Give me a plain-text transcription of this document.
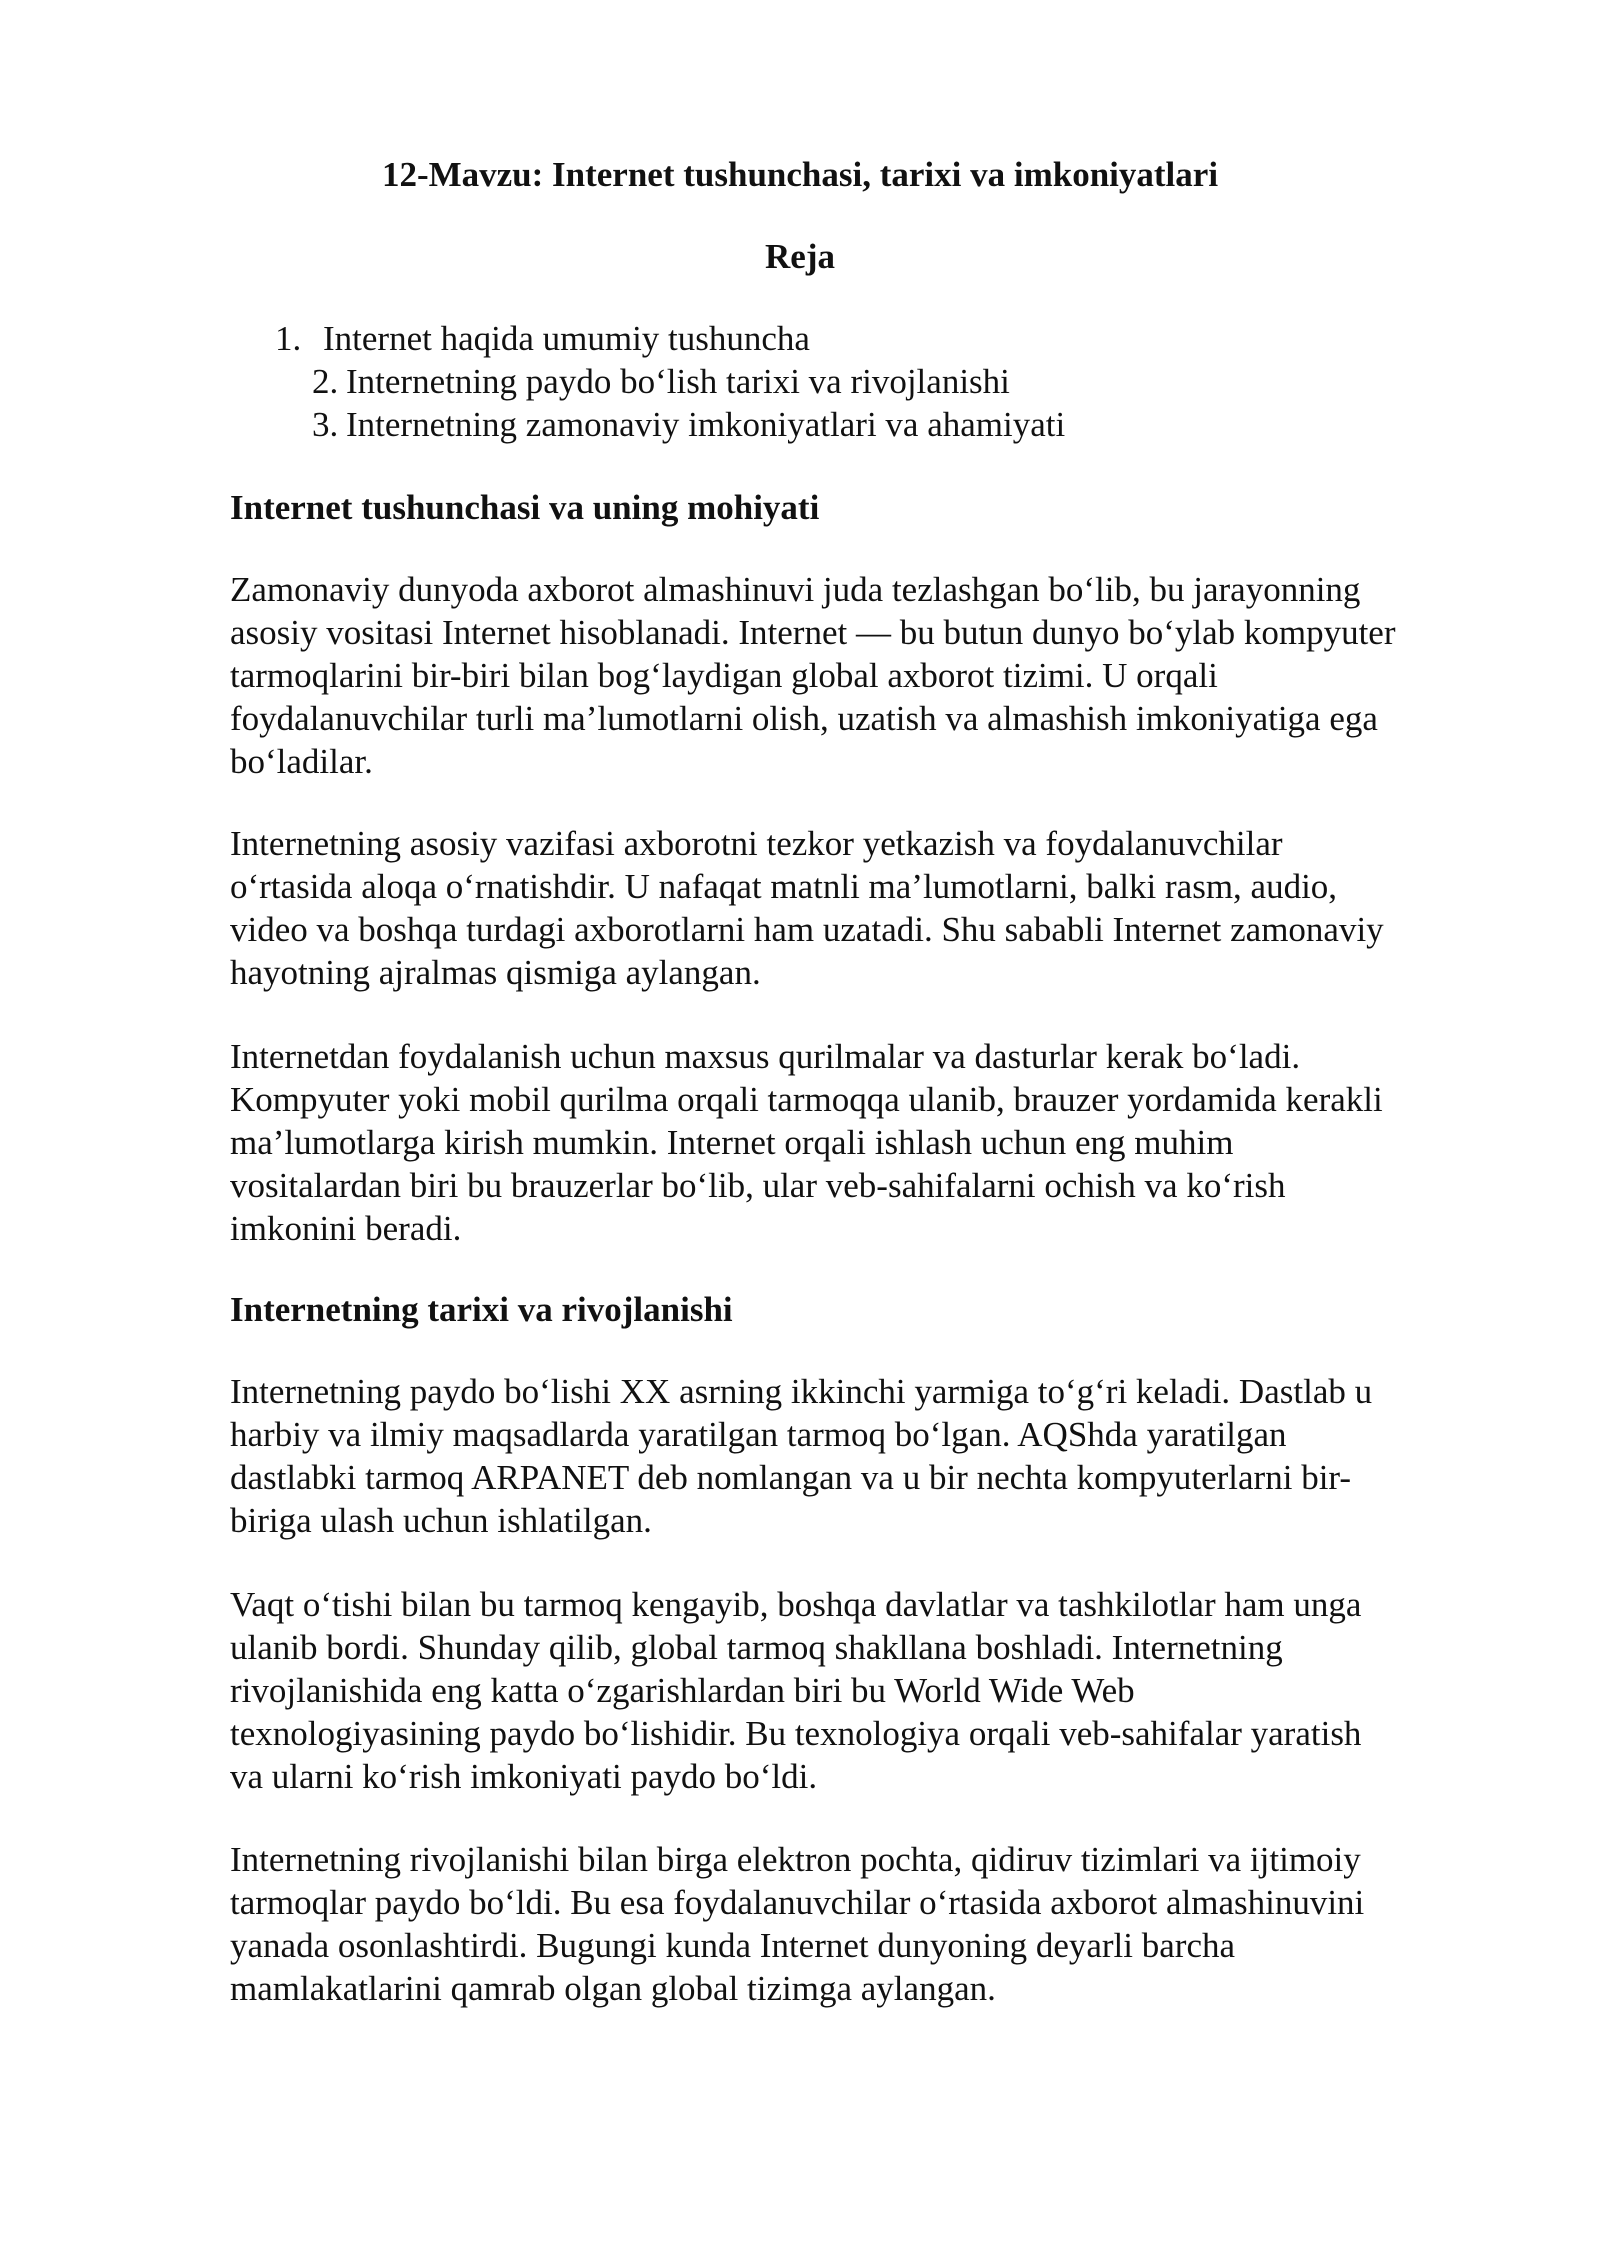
12-Mavzu: Internet tushunchasi, tarixi va imkoniyatlari
Reja
1. Internet haqida umumiy tushuncha
2. Internetning paydo bo‘lish tarixi va rivojlanishi
3. Internetning zamonaviy imkoniyatlari va ahamiyati
Internet tushunchasi va uning mohiyati

Zamonaviy dunyoda axborot almashinuvi juda tezlashgan bo‘lib, bu jarayonning

asosiy vositasi Internet hisoblanadi. Internet — bu butun dunyo bo‘ylab kompyuter

tarmoqlarini bir-biri bilan bog‘laydigan global axborot tizimi. U orqali

foydalanuvchilar turli ma’lumotlarni olish, uzatish va almashish imkoniyatiga ega

bo‘ladilar.

Internetning asosiy vazifasi axborotni tezkor yetkazish va foydalanuvchilar

o‘rtasida aloqa o‘rnatishdir. U nafaqat matnli ma’lumotlarni, balki rasm, audio,

video va boshqa turdagi axborotlarni ham uzatadi. Shu sababli Internet zamonaviy

hayotning ajralmas qismiga aylangan.

Internetdan foydalanish uchun maxsus qurilmalar va dasturlar kerak bo‘ladi.

Kompyuter yoki mobil qurilma orqali tarmoqqa ulanib, brauzer yordamida kerakli

ma’lumotlarga kirish mumkin. Internet orqali ishlash uchun eng muhim

vositalardan biri bu brauzerlar bo‘lib, ular veb-sahifalarni ochish va ko‘rish

imkonini beradi.

Internetning tarixi va rivojlanishi

Internetning paydo bo‘lishi XX asrning ikkinchi yarmiga to‘g‘ri keladi. Dastlab u

harbiy va ilmiy maqsadlarda yaratilgan tarmoq bo‘lgan. AQShda yaratilgan

dastlabki tarmoq ARPANET deb nomlangan va u bir nechta kompyuterlarni bir-

biriga ulash uchun ishlatilgan.

Vaqt o‘tishi bilan bu tarmoq kengayib, boshqa davlatlar va tashkilotlar ham unga

ulanib bordi. Shunday qilib, global tarmoq shakllana boshladi. Internetning

rivojlanishida eng katta o‘zgarishlardan biri bu World Wide Web

texnologiyasining paydo bo‘lishidir. Bu texnologiya orqali veb-sahifalar yaratish

va ularni ko‘rish imkoniyati paydo bo‘ldi.

Internetning rivojlanishi bilan birga elektron pochta, qidiruv tizimlari va ijtimoiy

tarmoqlar paydo bo‘ldi. Bu esa foydalanuvchilar o‘rtasida axborot almashinuvini

yanada osonlashtirdi. Bugungi kunda Internet dunyoning deyarli barcha

mamlakatlarini qamrab olgan global tizimga aylangan.
